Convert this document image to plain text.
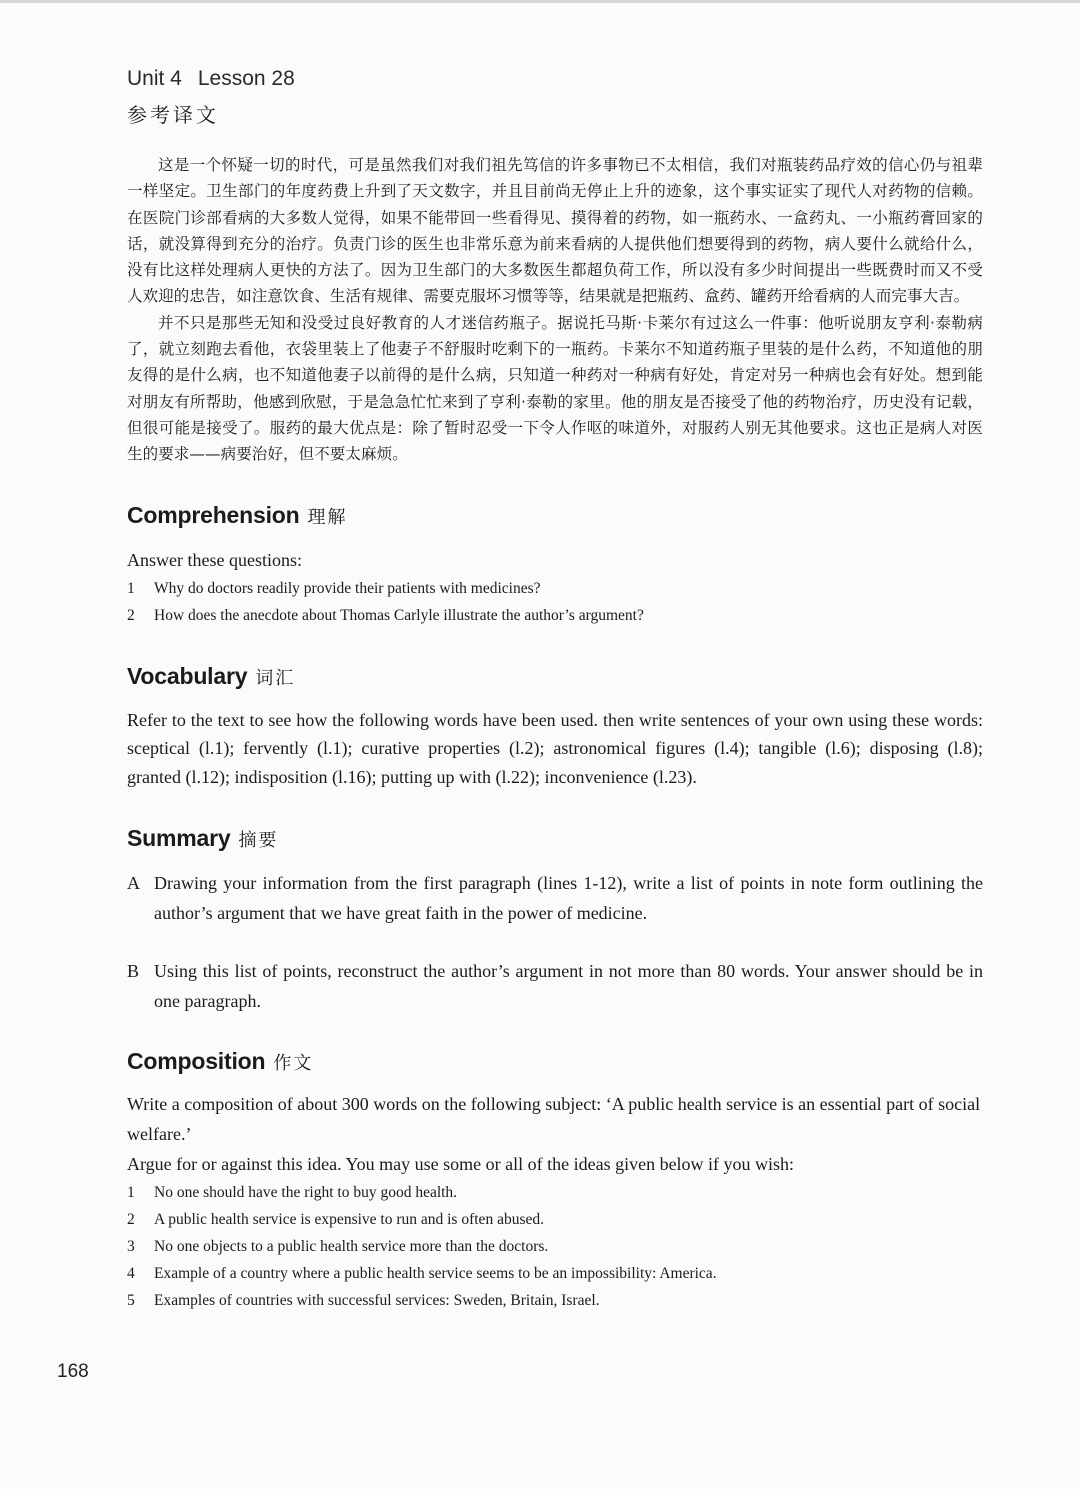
Unit 4 Lesson 28

参考译文

这是一个怀疑一切的时代，可是虽然我们对我们祖先笃信的许多事物已不太相信，我们对瓶装药品疗效的信心仍与祖辈一样坚定。卫生部门的年度药费上升到了天文数字，并且目前尚无停止上升的迹象，这个事实证实了现代人对药物的信赖。在医院门诊部看病的大多数人觉得，如果不能带回一些看得见、摸得着的药物，如一瓶药水、一盒药丸、一小瓶药膏回家的话，就没算得到充分的治疗。负责门诊的医生也非常乐意为前来看病的人提供他们想要得到的药物，病人要什么就给什么，没有比这样处理病人更快的方法了。因为卫生部门的大多数医生都超负荷工作，所以没有多少时间提出一些既费时而又不受人欢迎的忠告，如注意饮食、生活有规律、需要克服坏习惯等等，结果就是把瓶药、盒药、罐药开给看病的人而完事大吉。

并不只是那些无知和没受过良好教育的人才迷信药瓶子。据说托马斯·卡莱尔有过这么一件事：他听说朋友亨利·泰勒病了，就立刻跑去看他，衣袋里装上了他妻子不舒服时吃剩下的一瓶药。卡莱尔不知道药瓶子里装的是什么药，不知道他的朋友得的是什么病，也不知道他妻子以前得的是什么病，只知道一种药对一种病有好处，肯定对另一种病也会有好处。想到能对朋友有所帮助，他感到欣慰，于是急急忙忙来到了亨利·泰勒的家里。他的朋友是否接受了他的药物治疗，历史没有记载，但很可能是接受了。服药的最大优点是：除了暂时忍受一下令人作呕的味道外，对服药人别无其他要求。这也正是病人对医生的要求——病要治好，但不要太麻烦。

Comprehension 理解

Answer these questions:

1	Why do doctors readily provide their patients with medicines?
2	How does the anecdote about Thomas Carlyle illustrate the author’s argument?
Vocabulary 词汇

Refer to the text to see how the following words have been used. then write sentences of your own using these words: sceptical (l.1); fervently (l.1); curative properties (l.2); astronomical figures (l.4); tangible (l.6); disposing (l.8); granted (l.12); indisposition (l.16); putting up with (l.22); inconvenience (l.23).

Summary 摘要
A Drawing your information from the first paragraph (lines 1-12), write a list of points in note form outlining the author’s argument that we have great faith in the power of medicine.
B Using this list of points, reconstruct the author’s argument in not more than 80 words. Your answer should be in one paragraph.
Composition 作文

Write a composition of about 300 words on the following subject: ‘A public health service is an essential part of social welfare.’

Argue for or against this idea. You may use some or all of the ideas given below if you wish:

1	No one should have the right to buy good health.
2	A public health service is expensive to run and is often abused.
3	No one objects to a public health service more than the doctors.
4	Example of a country where a public health service seems to be an impossibility: America.
5	Examples of countries with successful services: Sweden, Britain, Israel.
168
